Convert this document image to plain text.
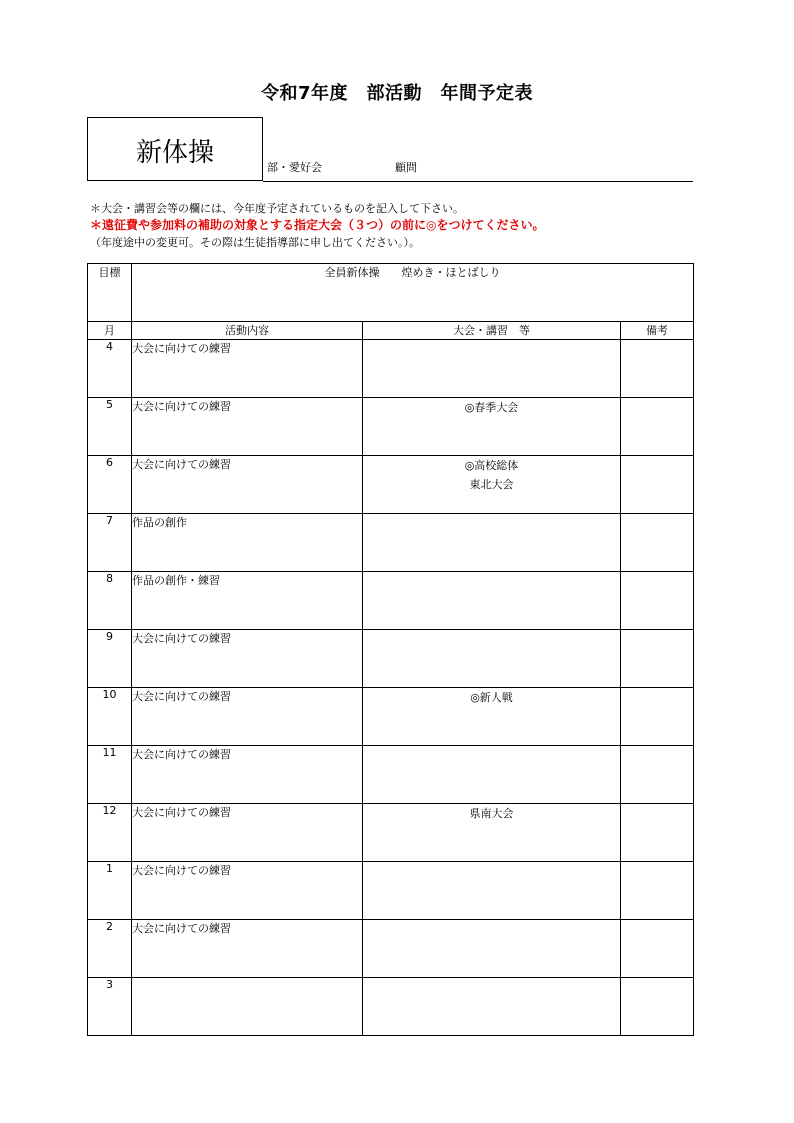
令和7年度　部活動　年間予定表
新体操	部・愛好会	顧問
＊大会・講習会等の欄には、今年度予定されているものを記入して下さい。
＊遠征費や参加料の補助の対象とする指定大会（３つ）の前に◎をつけてください。
（年度途中の変更可。その際は生徒指導部に申し出てください。）。
目標	全員新体操　　煌めき・ほとばしり		
月	活動内容	大会・講習　等	備考
4	大会に向けての練習		
5	大会に向けての練習	◎春季大会	

6	大会に向けての練習	◎高校総体
東北大会	

7	作品の創作		
8	作品の創作・練習		
9	大会に向けての練習		
10	大会に向けての練習	◎新人戦	

11	大会に向けての練習		
12	大会に向けての練習	県南大会	

1	大会に向けての練習		
2	大会に向けての練習		
3			
